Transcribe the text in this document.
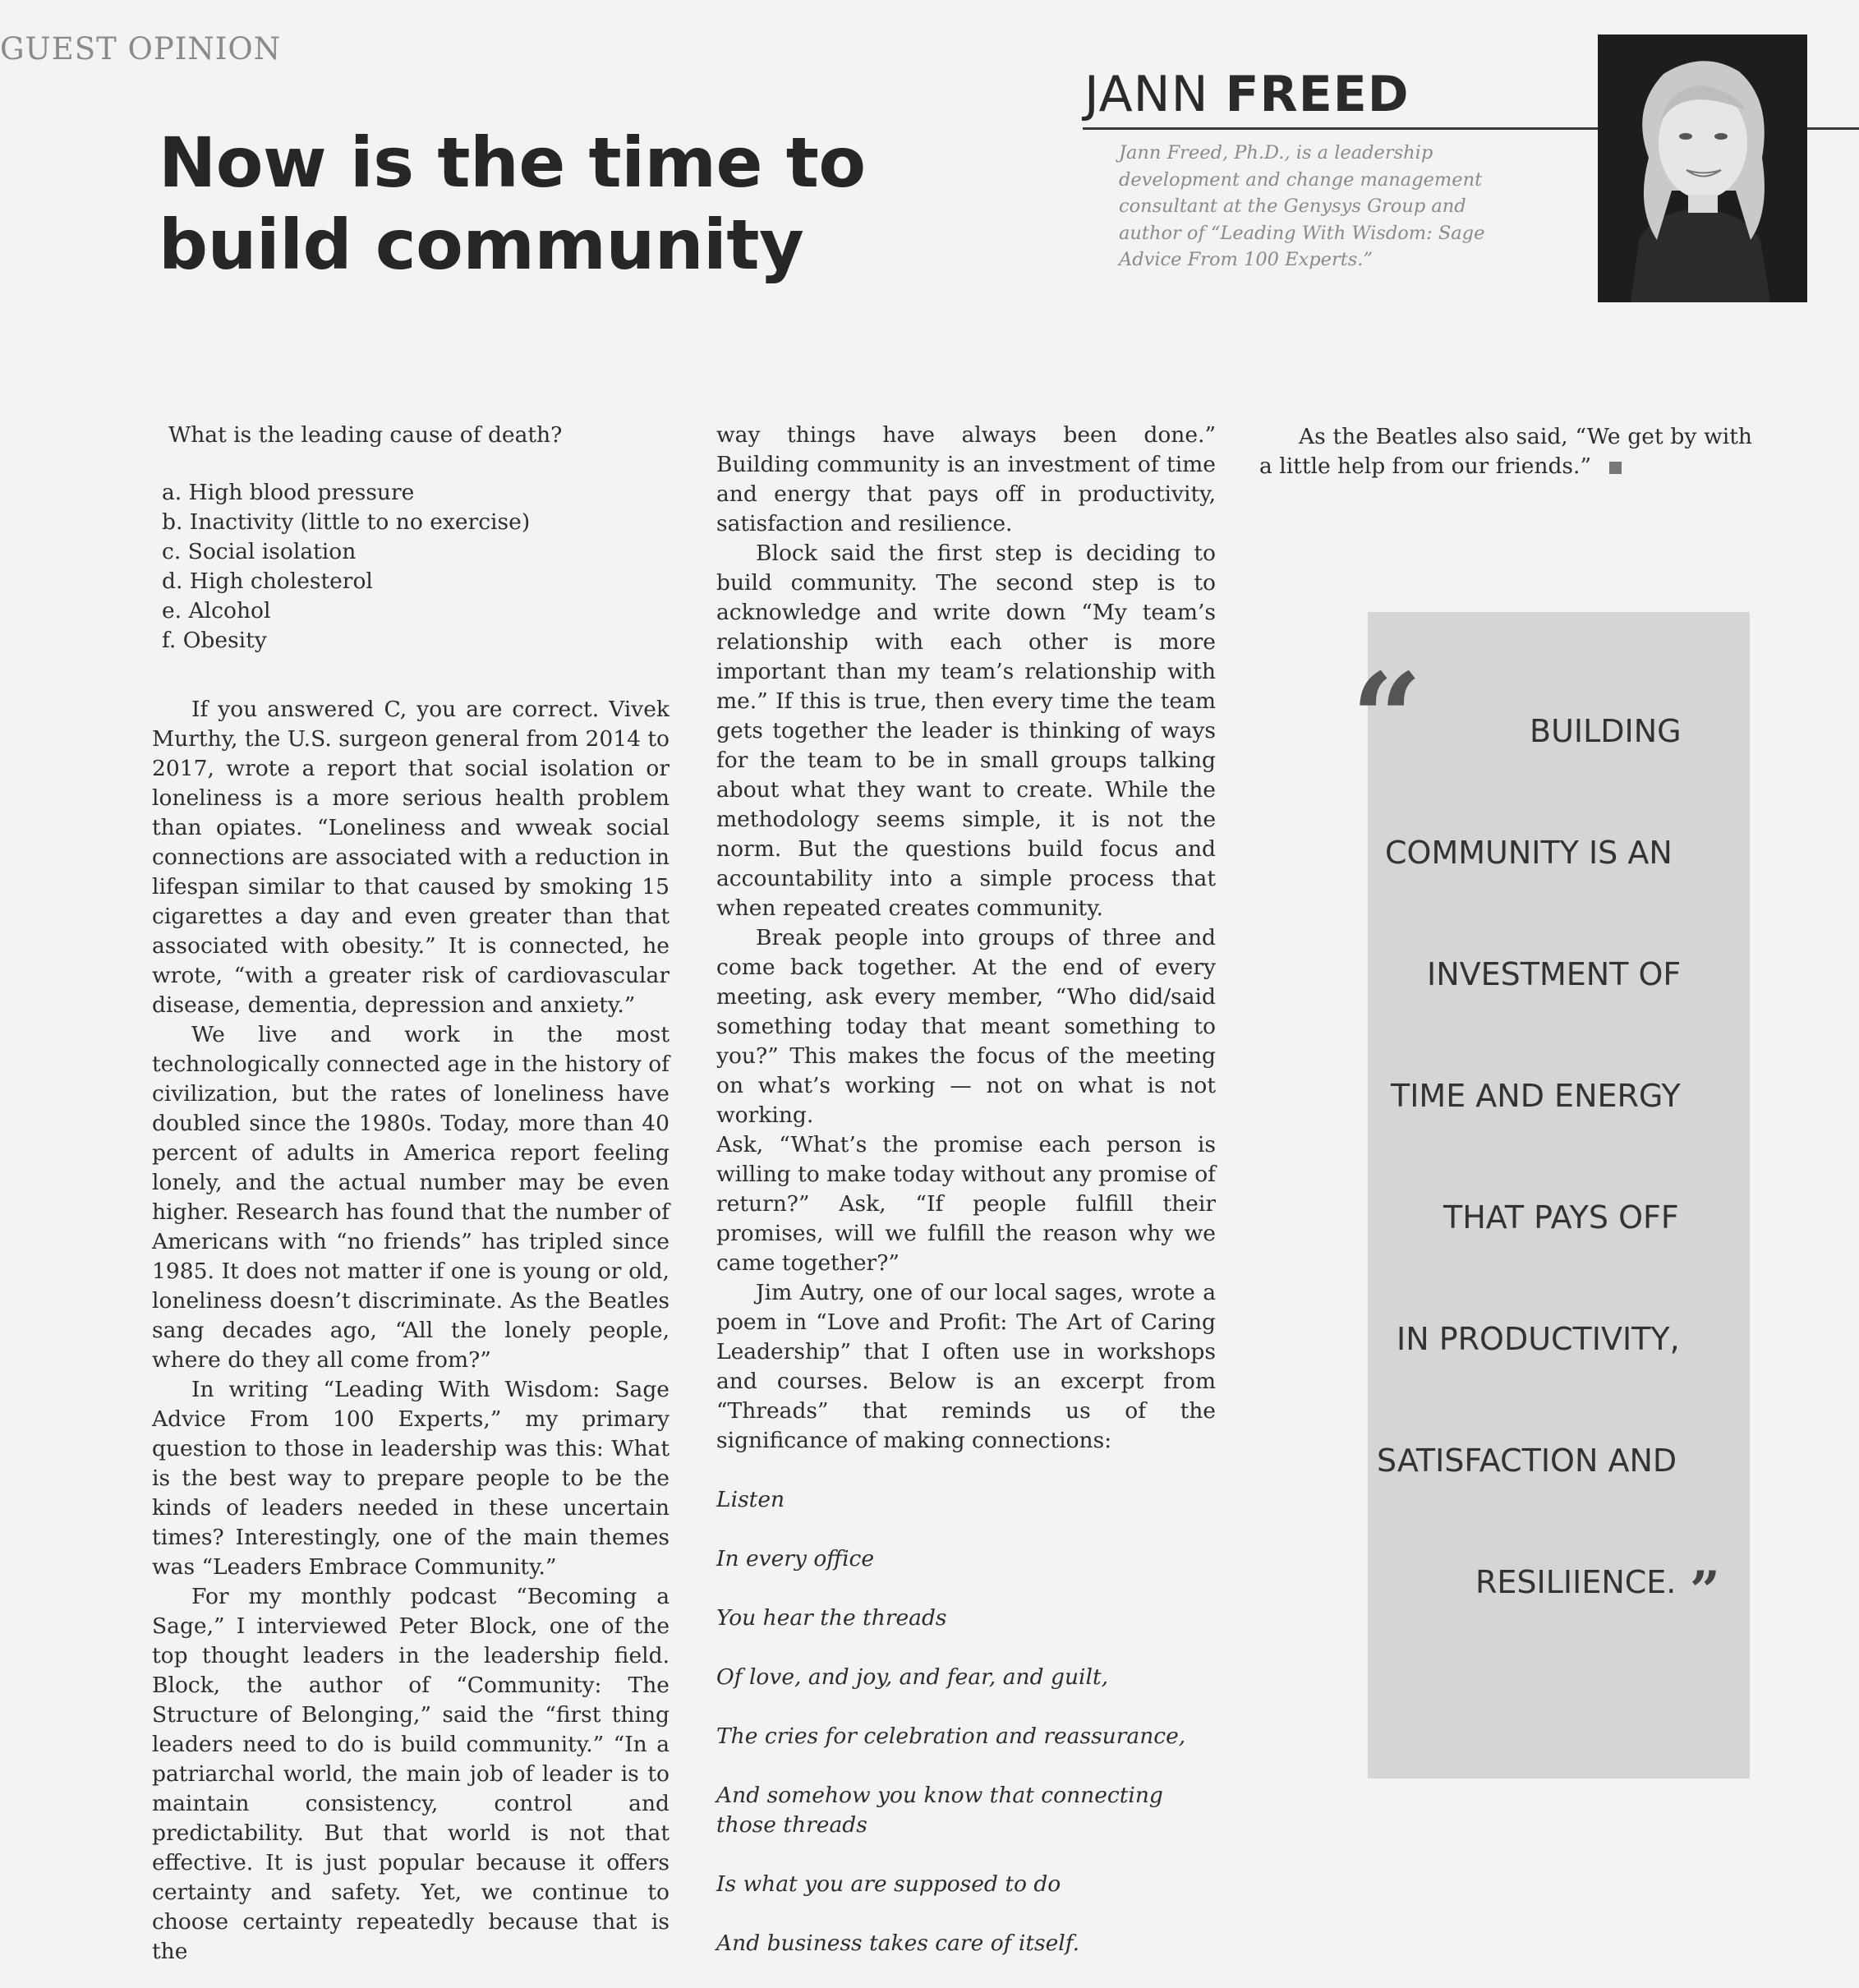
GUEST OPINION
Now is the time to
build community
JANN FREED
Jann Freed, Ph.D., is a leadership
development and change management
consultant at the Genysys Group and
author of “Leading With Wisdom: Sage
Advice From 100 Experts.”

What is the leading cause of death?

a. High blood pressure
b. Inactivity (little to no exercise)
c. Social isolation
d. High cholesterol
e. Alcohol
f. Obesity

If you answered C, you are correct. Vivek Murthy, the U.S. surgeon general from 2014 to 2017, wrote a report that social isolation or loneliness is a more serious health problem than opiates. “Loneliness and wweak social connections are associated with a reduction in lifespan similar to that caused by smoking 15 cigarettes a day and even greater than that associated with obesity.” It is connected, he wrote, “with a greater risk of cardiovascular disease, dementia, depression and anxiety.”

We live and work in the most technologically connected age in the history of civilization, but the rates of loneliness have doubled since the 1980s. Today, more than 40 percent of adults in America report feeling lonely, and the actual number may be even higher. Research has found that the number of Americans with “no friends” has tripled since 1985. It does not matter if one is young or old, loneliness doesn’t discriminate. As the Beatles sang decades ago, “All the lonely people, where do they all come from?”

In writing “Leading With Wisdom: Sage Advice From 100 Experts,” my primary question to those in leadership was this: What is the best way to prepare people to be the kinds of leaders needed in these uncertain times? Interestingly, one of the main themes was “Leaders Embrace Community.”

For my monthly podcast “Becoming a Sage,” I interviewed Peter Block, one of the top thought leaders in the leadership field. Block, the author of “Community: The Structure of Belonging,” said the “first thing leaders need to do is build community.” “In a patriarchal world, the main job of leader is to maintain consistency, control and predictability. But that world is not that effective. It is just popular because it offers certainty and safety. Yet, we continue to choose certainty repeatedly because that is the

way things have always been done.” Building community is an investment of time and energy that pays off in productivity, satisfaction and resilience.

Block said the first step is deciding to build community. The second step is to acknowledge and write down “My team’s relationship with each other is more important than my team’s relationship with me.” If this is true, then every time the team gets together the leader is thinking of ways for the team to be in small groups talking about what they want to create. While the methodology seems simple, it is not the norm. But the questions build focus and accountability into a simple process that when repeated creates community.

Break people into groups of three and come back together. At the end of every meeting, ask every member, “Who did/said something today that meant something to you?” This makes the focus of the meeting on what’s working — not on what is not working.

Ask, “What’s the promise each person is willing to make today without any promise of return?” Ask, “If people fulfill their promises, will we fulfill the reason why we came together?”

Jim Autry, one of our local sages, wrote a poem in “Love and Profit: The Art of Caring Leadership” that I often use in workshops and courses. Below is an excerpt from “Threads” that reminds us of the significance of making connections:

Listen

In every office

You hear the threads

Of love, and joy, and fear, and guilt,

The cries for celebration and reassurance,

And somehow you know that connecting those threads

Is what you are supposed to do

And business takes care of itself.

As the Beatles also said, “We get by with a little help from our friends.”

“	BUILDING
COMMUNITY IS AN
INVESTMENT OF
TIME AND ENERGY
THAT PAYS OFF
IN PRODUCTIVITY,
SATISFACTION AND
RESILIIENCE. ”
